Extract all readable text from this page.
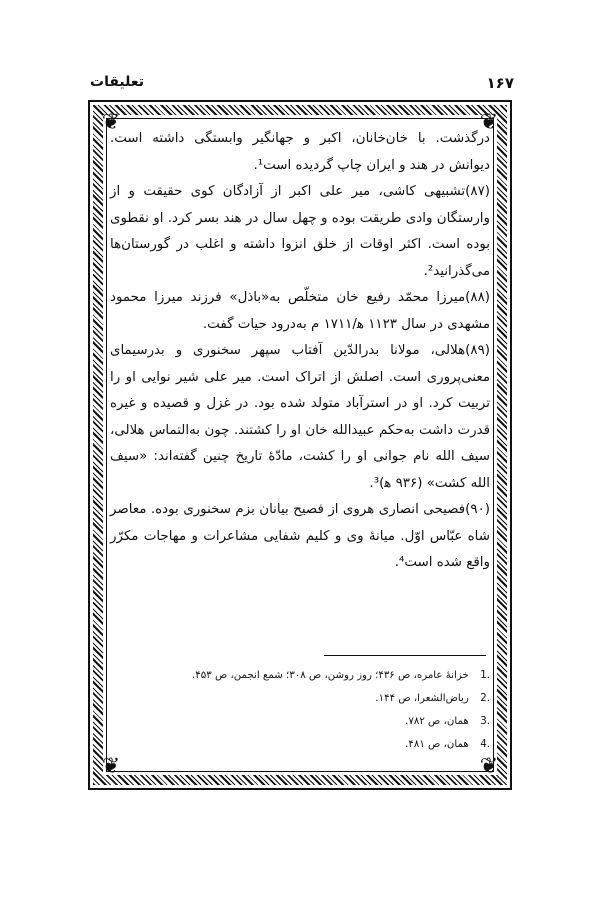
۱۶۷
تعلیقات
❦	❦
❦	❦

درگذشت. با خان‌خانان، اکبر و جهانگیر وابستگی داشته است. دیوانش در هند و ایران چاپ گردیده است¹.

(۸۷)تشبیهی کاشی، میر علی اکبر از آزادگان کوی حقیقت و از وارستگان وادی طریقت بوده و چهل سال در هند بسر کرد. او نقطوی بوده است. اکثر اوقات از خلق انزوا داشته و اغلب در گورستان‌ها می‌گذرانید².

(۸۸)میرزا محمّد رفیع خان متخلّص به«باذل» فرزند میرزا محمود مشهدی در سال ۱۱۲۳ ه‍/۱۷۱۱ م به‌درود حیات گفت.

(۸۹)هلالی، مولانا بدرالدّین آفتاب سپهر سخنوری و بدرسیمای معنی‌پروری است. اصلش از اتراک است. میر علی شیر نوایی او را تربیت کرد. او در استرآباد متولد شده بود. در غزل و قصیده و غیره قدرت داشت به‌حکم عبیدالله خان او را کشتند. چون به‌التماس هلالی، سیف الله نام جوانی او را کشت، مادّهٔ تاریخ چنین گفته‌اند: «سیف الله کشت» (۹۳۶ ه‍)³.

(۹۰)فصیحی انصاری هروی از فصیح بیانان بزم سخنوری بوده. معاصر شاه عبّاس اوّل. میانهٔ وی و کلیم شفایی مشاعرات و مهاجات مکرّر واقع شده است⁴.

.1 خزانهٔ عامره، ص ۴۳۶؛ روز روشن، ص ۳۰۸؛ شمع انجمن، ص ۴۵۳.

.2 ریاض‌الشعرا، ص ۱۴۴.

.3 همان، ص ۷۸۲.

.4 همان، ص ۴۸۱.
